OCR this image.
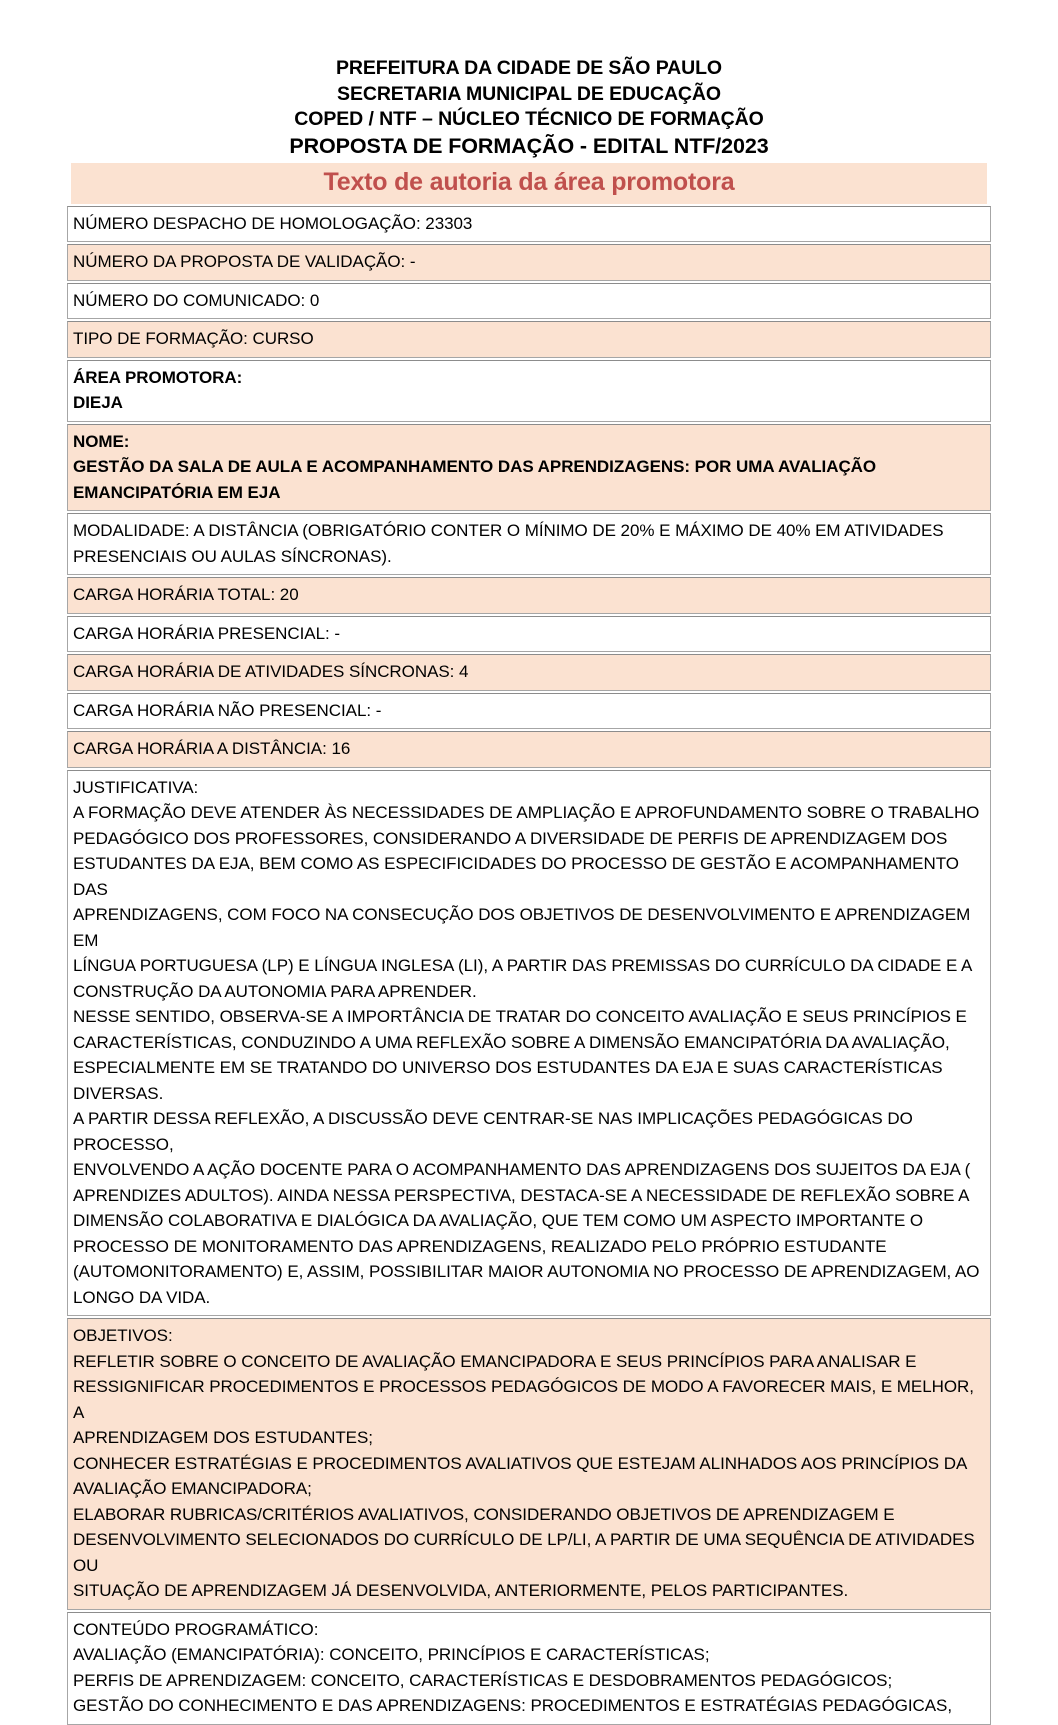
PREFEITURA DA CIDADE DE SÃO PAULO
SECRETARIA MUNICIPAL DE EDUCAÇÃO
COPED / NTF – NÚCLEO TÉCNICO DE FORMAÇÃO
PROPOSTA DE FORMAÇÃO - EDITAL NTF/2023
Texto de autoria da área promotora

NÚMERO DESPACHO DE HOMOLOGAÇÃO: 23303

NÚMERO DA PROPOSTA DE VALIDAÇÃO: -

NÚMERO DO COMUNICADO: 0

TIPO DE FORMAÇÃO: CURSO

ÁREA PROMOTORA:

DIEJA

NOME:

GESTÃO DA SALA DE AULA E ACOMPANHAMENTO DAS APRENDIZAGENS: POR UMA AVALIAÇÃO

EMANCIPATÓRIA EM EJA

MODALIDADE: A DISTÂNCIA (OBRIGATÓRIO CONTER O MÍNIMO DE 20% E MÁXIMO DE 40% EM ATIVIDADES

PRESENCIAIS OU AULAS SÍNCRONAS).

CARGA HORÁRIA TOTAL: 20

CARGA HORÁRIA PRESENCIAL: -

CARGA HORÁRIA DE ATIVIDADES SÍNCRONAS: 4

CARGA HORÁRIA NÃO PRESENCIAL: -

CARGA HORÁRIA A DISTÂNCIA: 16

JUSTIFICATIVA:

A FORMAÇÃO DEVE ATENDER ÀS NECESSIDADES DE AMPLIAÇÃO E APROFUNDAMENTO SOBRE O TRABALHO

PEDAGÓGICO DOS PROFESSORES, CONSIDERANDO A DIVERSIDADE DE PERFIS DE APRENDIZAGEM DOS

ESTUDANTES DA EJA, BEM COMO AS ESPECIFICIDADES DO PROCESSO DE GESTÃO E ACOMPANHAMENTO DAS

APRENDIZAGENS, COM FOCO NA CONSECUÇÃO DOS OBJETIVOS DE DESENVOLVIMENTO E APRENDIZAGEM EM

LÍNGUA PORTUGUESA (LP) E LÍNGUA INGLESA (LI), A PARTIR DAS PREMISSAS DO CURRÍCULO DA CIDADE E A

CONSTRUÇÃO DA AUTONOMIA PARA APRENDER.

NESSE SENTIDO, OBSERVA-SE A IMPORTÂNCIA DE TRATAR DO CONCEITO AVALIAÇÃO E SEUS PRINCÍPIOS E

CARACTERÍSTICAS, CONDUZINDO A UMA REFLEXÃO SOBRE A DIMENSÃO EMANCIPATÓRIA DA AVALIAÇÃO,

ESPECIALMENTE EM SE TRATANDO DO UNIVERSO DOS ESTUDANTES DA EJA E SUAS CARACTERÍSTICAS DIVERSAS.

A PARTIR DESSA REFLEXÃO, A DISCUSSÃO DEVE CENTRAR-SE NAS IMPLICAÇÕES PEDAGÓGICAS DO PROCESSO,

ENVOLVENDO A AÇÃO DOCENTE PARA O ACOMPANHAMENTO DAS APRENDIZAGENS DOS SUJEITOS DA EJA (

APRENDIZES ADULTOS). AINDA NESSA PERSPECTIVA, DESTACA-SE A NECESSIDADE DE REFLEXÃO SOBRE A

DIMENSÃO COLABORATIVA E DIALÓGICA DA AVALIAÇÃO, QUE TEM COMO UM ASPECTO IMPORTANTE O

PROCESSO DE MONITORAMENTO DAS APRENDIZAGENS, REALIZADO PELO PRÓPRIO ESTUDANTE

(AUTOMONITORAMENTO) E, ASSIM, POSSIBILITAR MAIOR AUTONOMIA NO PROCESSO DE APRENDIZAGEM, AO

LONGO DA VIDA.

OBJETIVOS:

REFLETIR SOBRE O CONCEITO DE AVALIAÇÃO EMANCIPADORA E SEUS PRINCÍPIOS PARA ANALISAR E

RESSIGNIFICAR PROCEDIMENTOS E PROCESSOS PEDAGÓGICOS DE MODO A FAVORECER MAIS, E MELHOR, A

APRENDIZAGEM DOS ESTUDANTES;

CONHECER ESTRATÉGIAS E PROCEDIMENTOS AVALIATIVOS QUE ESTEJAM ALINHADOS AOS PRINCÍPIOS DA

AVALIAÇÃO EMANCIPADORA;

ELABORAR RUBRICAS/CRITÉRIOS AVALIATIVOS, CONSIDERANDO OBJETIVOS DE APRENDIZAGEM E

DESENVOLVIMENTO SELECIONADOS DO CURRÍCULO DE LP/LI, A PARTIR DE UMA SEQUÊNCIA DE ATIVIDADES OU

SITUAÇÃO DE APRENDIZAGEM JÁ DESENVOLVIDA, ANTERIORMENTE, PELOS PARTICIPANTES.

CONTEÚDO PROGRAMÁTICO:

AVALIAÇÃO (EMANCIPATÓRIA): CONCEITO, PRINCÍPIOS E CARACTERÍSTICAS;

PERFIS DE APRENDIZAGEM: CONCEITO, CARACTERÍSTICAS E DESDOBRAMENTOS PEDAGÓGICOS;

GESTÃO DO CONHECIMENTO E DAS APRENDIZAGENS: PROCEDIMENTOS E ESTRATÉGIAS PEDAGÓGICAS,
